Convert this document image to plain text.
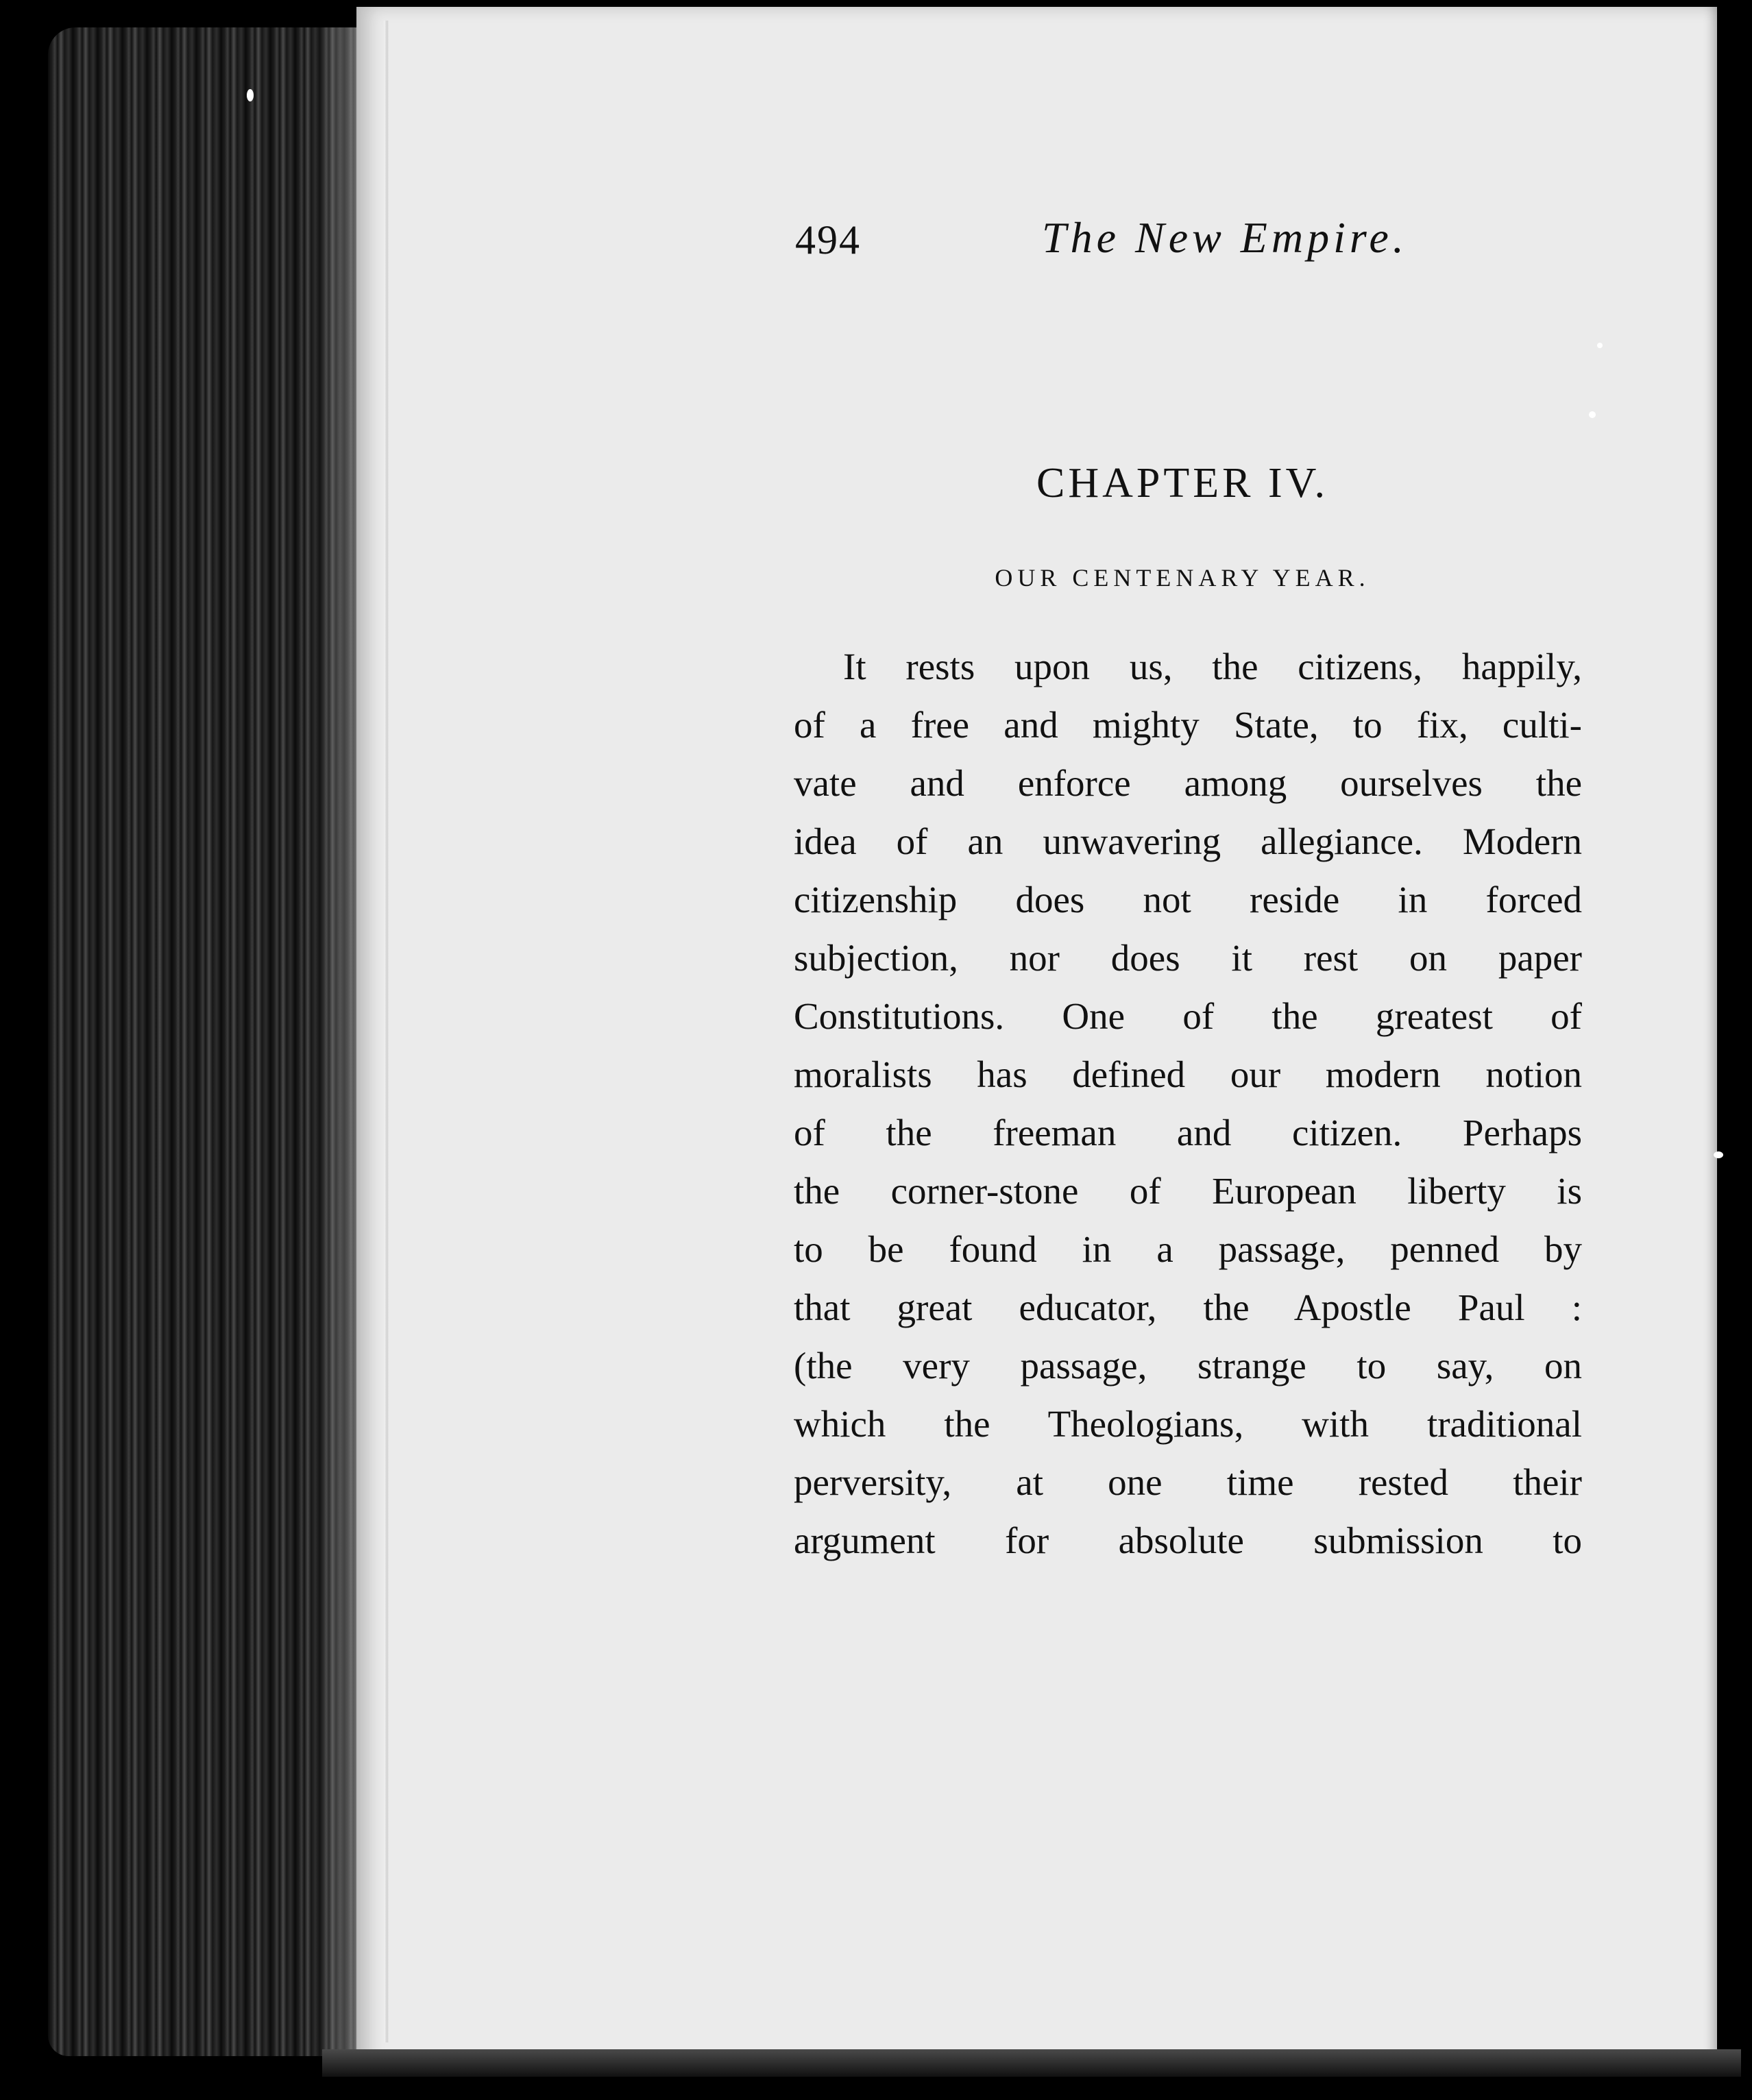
494	The New Empire.
CHAPTER IV.
OUR CENTENARY YEAR.
It rests upon us, the citizens, happily,
of a free and mighty State, to fix, culti-
vate and enforce among ourselves the
idea of an unwavering allegiance. Modern
citizenship does not reside in forced
subjection, nor does it rest on paper
Constitutions. One of the greatest of
moralists has defined our modern notion
of the freeman and citizen. Perhaps
the corner-stone of European liberty is
to be found in a passage, penned by
that great educator, the Apostle Paul :
(the very passage, strange to say, on
which the Theologians, with traditional
perversity, at one time rested their
argument for absolute submission to
